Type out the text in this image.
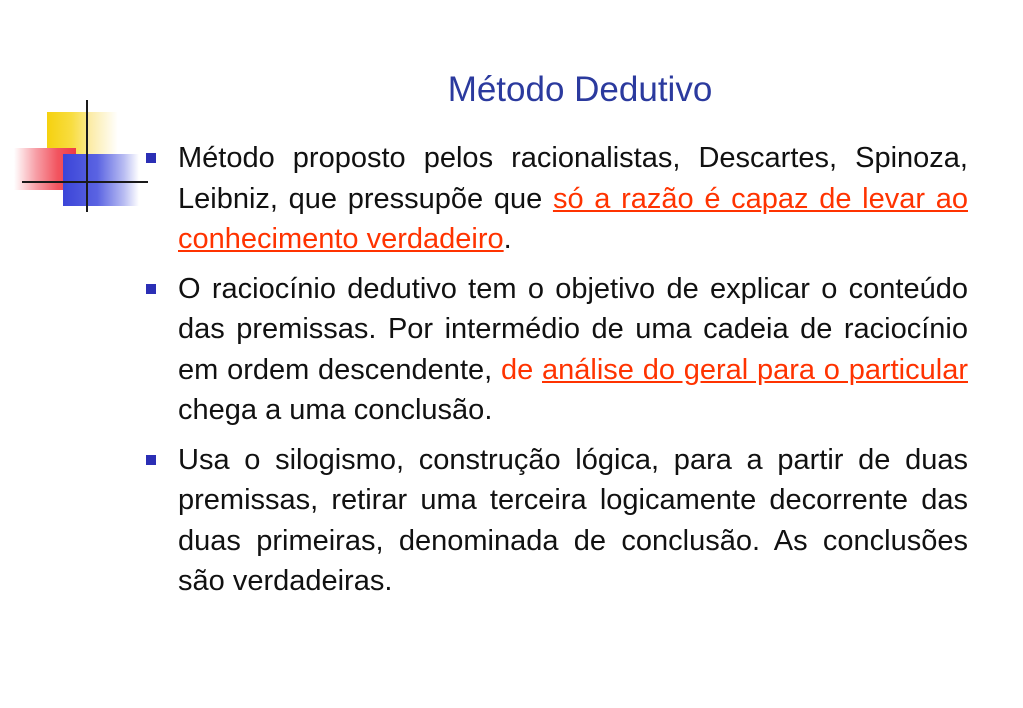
Método Dedutivo
Método proposto pelos racionalistas, Descartes, Spinoza, Leibniz, que pressupõe que só a razão é capaz de levar ao conhecimento verdadeiro.
O raciocínio dedutivo tem o objetivo de explicar o conteúdo das premissas. Por intermédio de uma cadeia de raciocínio em ordem descendente, de análise do geral para o particular chega a uma conclusão.
Usa o silogismo, construção lógica, para a partir de duas premissas, retirar uma terceira logicamente decorrente das duas primeiras, denominada de conclusão. As conclusões são verdadeiras.
